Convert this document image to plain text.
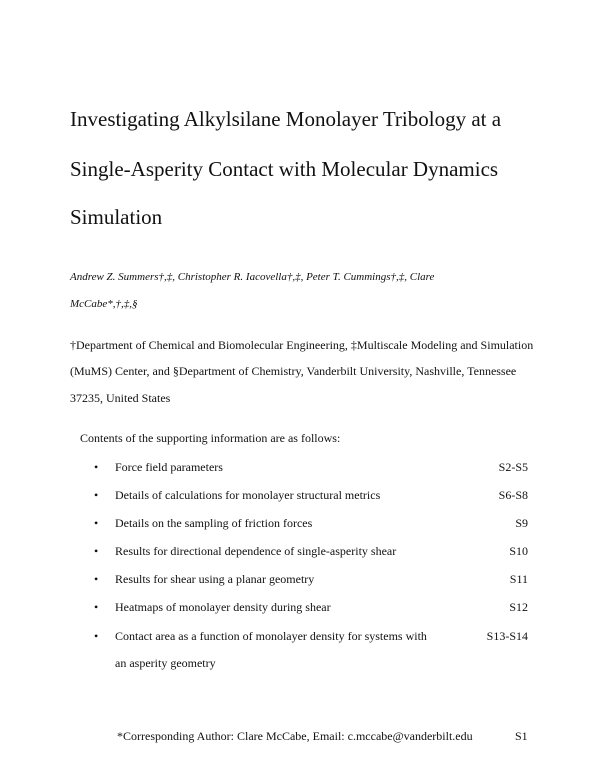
Investigating Alkylsilane Monolayer Tribology at a
Single-Asperity Contact with Molecular Dynamics
Simulation
Andrew Z. Summers†,‡, Christopher R. Iacovella†,‡, Peter T. Cummings†,‡, Clare
McCabe*,†,‡,§
†Department of Chemical and Biomolecular Engineering, ‡Multiscale Modeling and Simulation
(MuMS) Center, and §Department of Chemistry, Vanderbilt University, Nashville, Tennessee
37235, United States
Contents of the supporting information are as follows:
• Force field parameters	S2-S5
• Details of calculations for monolayer structural metrics	S6-S8
• Details on the sampling of friction forces	S9
• Results for directional dependence of single-asperity shear	S10
• Results for shear using a planar geometry	S11
• Heatmaps of monolayer density during shear	S12
• Contact area as a function of monolayer density for systems with	S13-S14
an asperity geometry
*Corresponding Author: Clare McCabe, Email: c.mccabe@vanderbilt.edu	S1
